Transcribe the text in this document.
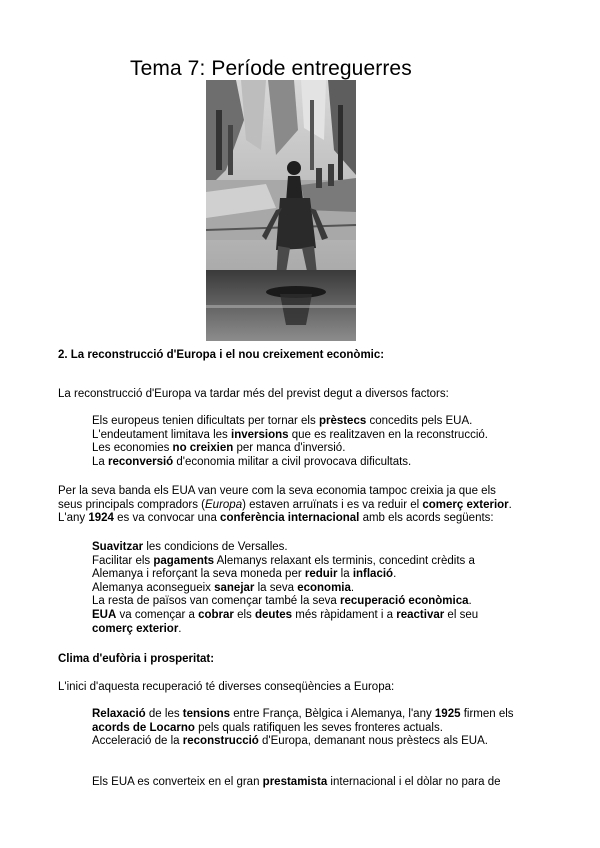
Tema 7: Període entreguerres
2. La reconstrucció d'Europa i el nou creixement econòmic:
La reconstrucció d'Europa va tardar més del previst degut a diversos factors:

Els europeus tenien dificultats per tornar els prèstecs concedits pels EUA.

L'endeutament limitava les inversions que es realitzaven en la reconstrucció.

Les economies no creixien per manca d'inversió.

La reconversió d'economia militar a civil provocava dificultats.

Per la seva banda els EUA van veure com la seva economia tampoc creixia ja que els

seus principals compradors (Europa) estaven arruïnats i es va reduir el comerç exterior.

L'any 1924 es va convocar una conferència internacional amb els acords següents:

Suavitzar les condicions de Versalles.

Facilitar els pagaments Alemanys relaxant els terminis, concedint crèdits a

Alemanya i reforçant la seva moneda per reduir la inflació.

Alemanya aconsegueix sanejar la seva economia.

La resta de països van començar també la seva recuperació econòmica.

EUA va començar a cobrar els deutes més ràpidament i a reactivar el seu

comerç exterior.

Clima d'eufòria i prosperitat:
L'inici d'aquesta recuperació té diverses conseqüències a Europa:

Relaxació de les tensions entre França, Bèlgica i Alemanya, l'any 1925 firmen els

acords de Locarno pels quals ratifiquen les seves fronteres actuals.

Acceleració de la reconstrucció d'Europa, demanant nous prèstecs als EUA.

Els EUA es converteix en el gran prestamista internacional i el dòlar no para de
